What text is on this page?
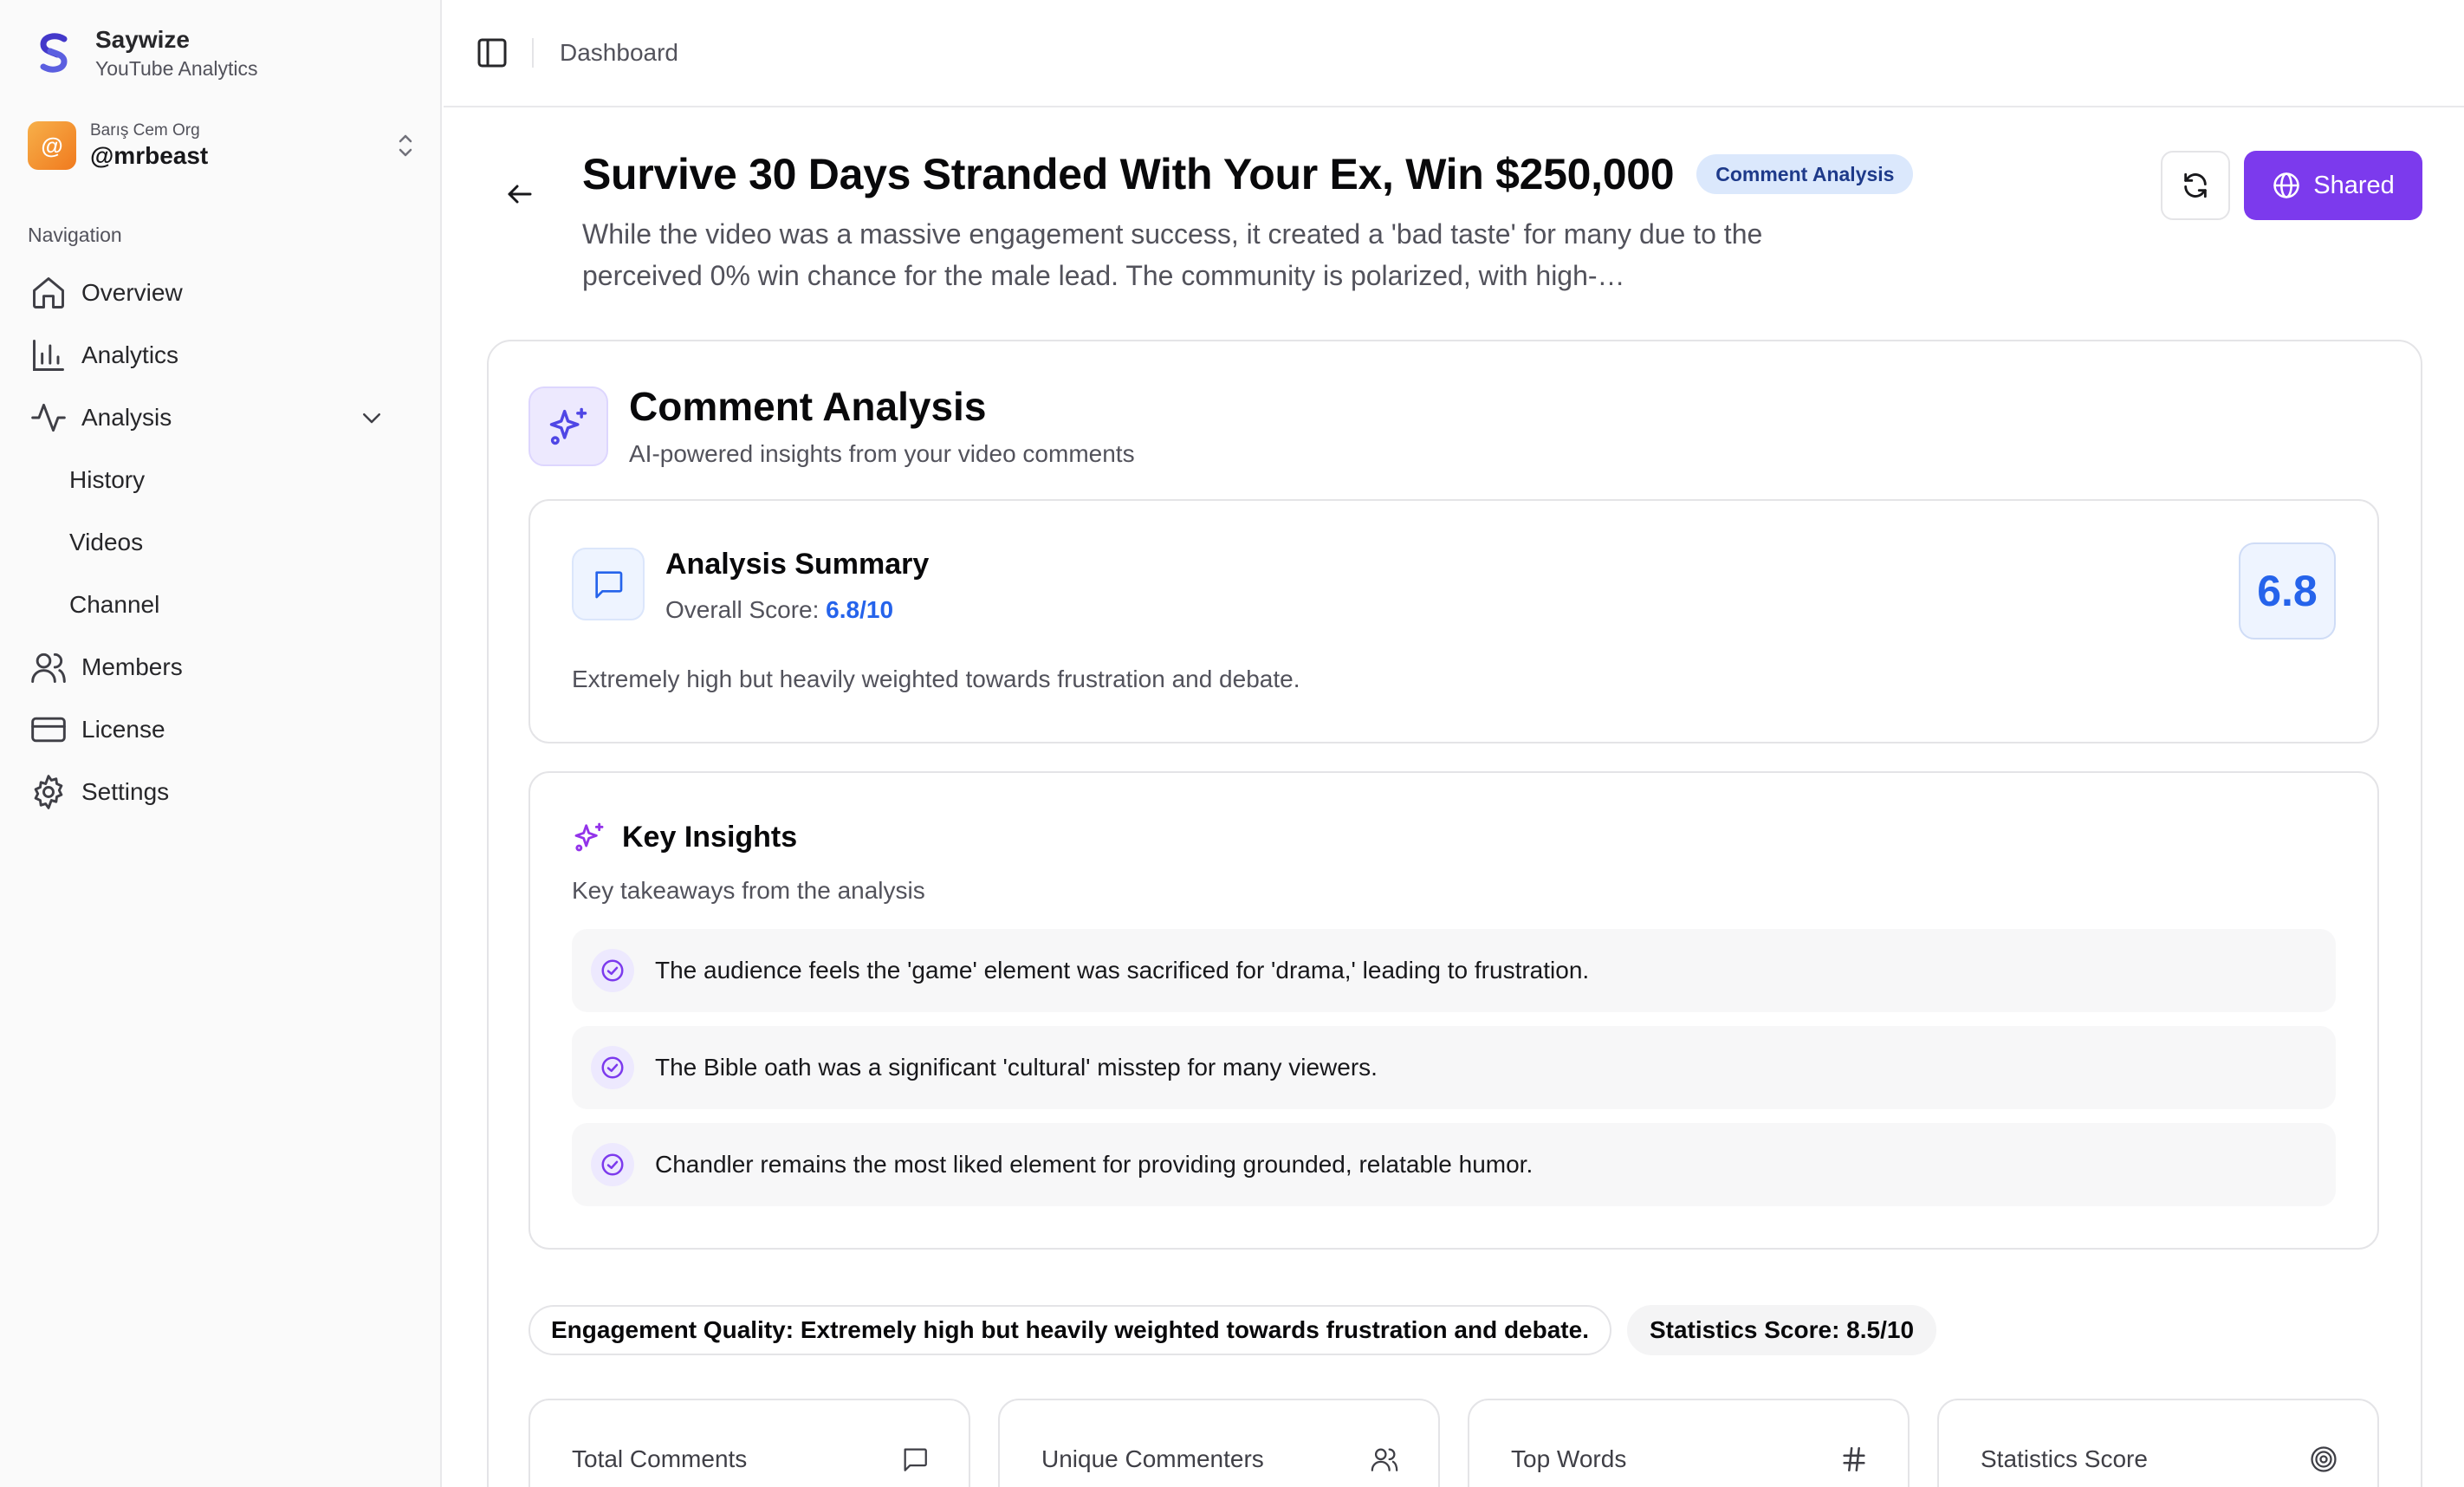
Saywize
YouTube Analytics
@
Barış Cem Org
@mrbeast
Navigation
Overview
Analytics
Analysis
History
Videos
Channel
Members
License
Settings
Dashboard
Survive 30 Days Stranded With Your Ex, Win $250,000	Comment Analysis

While the video was a massive engagement success, it created a 'bad taste' for many due to the perceived 0% win chance for the male lead. The community is polarized, with high-…

Shared
Comment Analysis

AI-powered insights from your video comments

Analysis Summary

Overall Score: 6.8/10

Extremely high but heavily weighted towards frustration and debate.

6.8
Key Insights

Key takeaways from the analysis

The audience feels the 'game' element was sacrificed for 'drama,' leading to frustration.
The Bible oath was a significant 'cultural' misstep for many viewers.
Chandler remains the most liked element for providing grounded, relatable humor.
Engagement Quality: Extremely high but heavily weighted towards frustration and debate.	Statistics Score: 8.5/10
Total Comments	Unique Commenters	Top Words	Statistics Score
